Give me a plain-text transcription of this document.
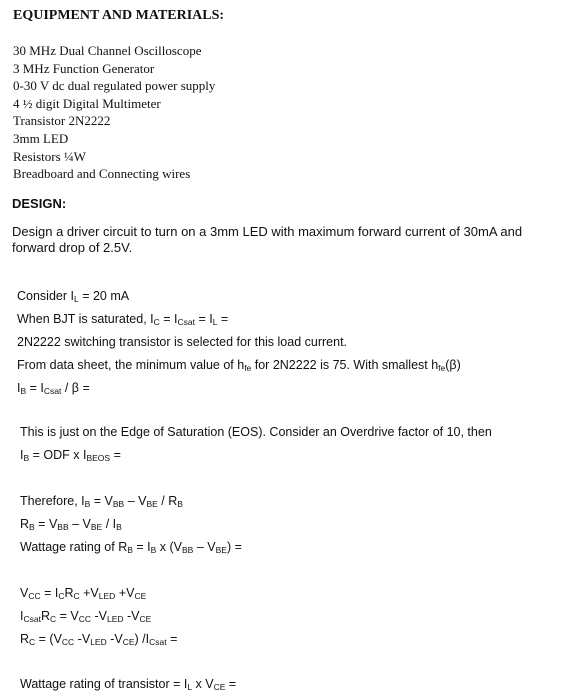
EQUIPMENT AND MATERIALS:
30 MHz Dual Channel Oscilloscope
3 MHz Function Generator
0-30 V dc dual regulated power supply
4 ½ digit Digital Multimeter
Transistor 2N2222
3mm LED
Resistors ¼W
Breadboard and Connecting wires
DESIGN:
Design a driver circuit to turn on a 3mm LED with maximum forward current of 30mA and forward drop of 2.5V.
Consider $I_L = 20$ mA
When BJT is saturated, $I_C = I_{Csat} = I_L$ =
2N2222 switching transistor is selected for this load current.
From data sheet, the minimum value of $h_{fe}$ for 2N2222 is 75. With smallest $h_{fe}(\beta)$
$I_B = I_{Csat} / \beta$ =
This is just on the Edge of Saturation (EOS). Consider an Overdrive factor of 10, then
$I_B$ = ODF x $I_{BEOS}$ =
Therefore, $I_B = V_{BB} - V_{BE} / R_B$
$R_B = V_{BB} - V_{BE} / I_B$
Wattage rating of $R_B = I_B$ x $(V_{BB} - V_{BE})$ =
$V_{CC} = I_CR_C +V_{LED} +V_{CE}$
$I_{Csat}R_C = V_{CC}$ $-V_{LED}$ $-V_{CE}$
$R_C = (V_{CC}$ $-V_{LED}$ $-V_{CE}$) $/I_{Csat}$ =
Wattage rating of transistor = $I_L$ x $V_{CE}$ =
